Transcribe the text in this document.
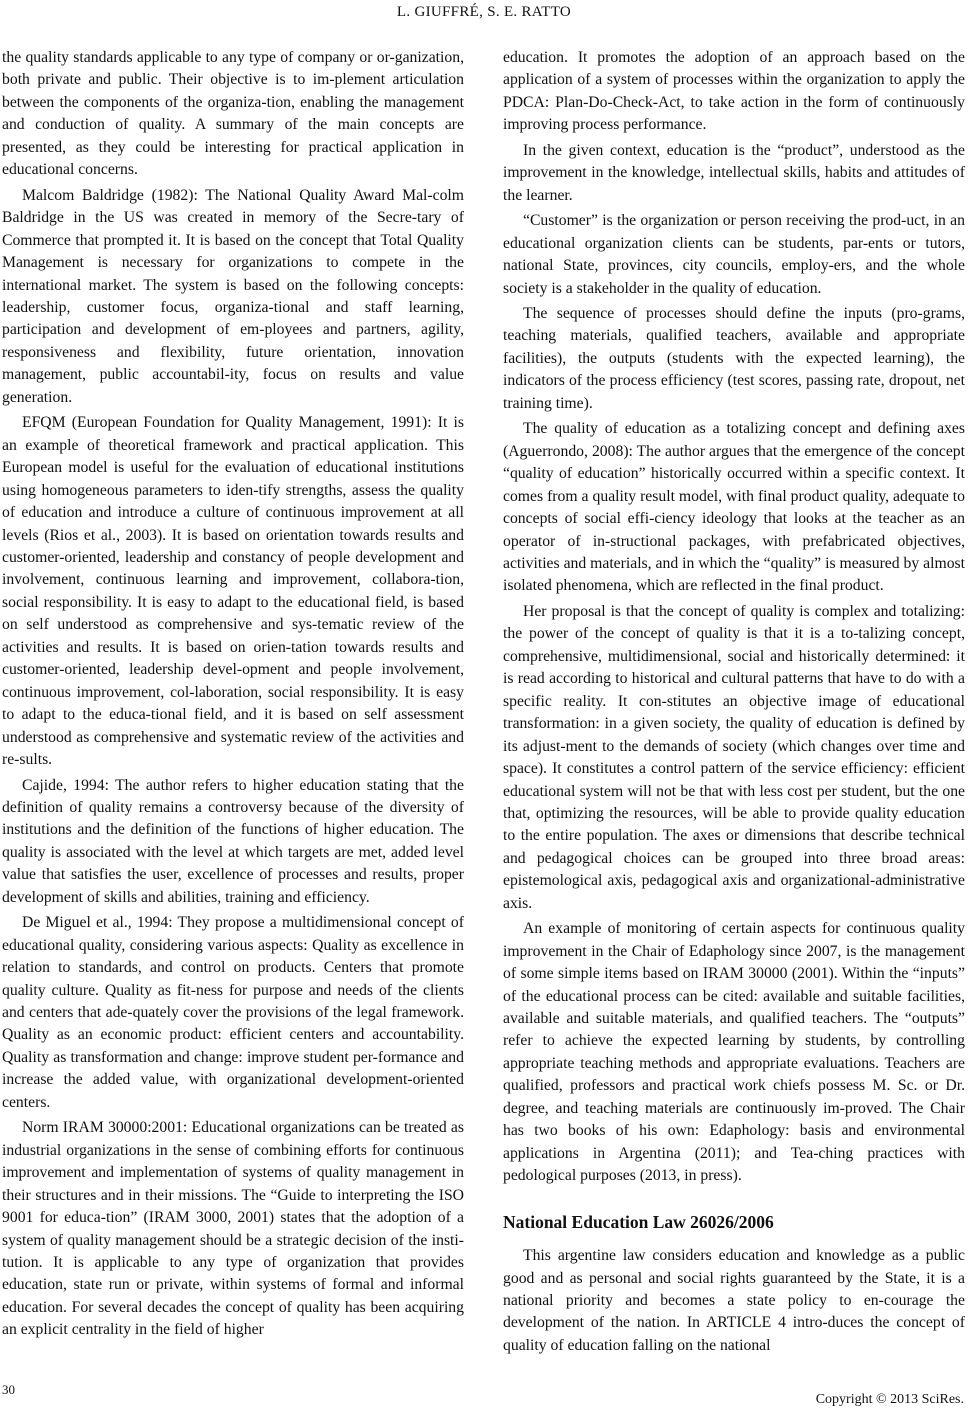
L. GIUFFRÉ, S. E. RATTO

the quality standards applicable to any type of company or or-ganization, both private and public. Their objective is to im-plement articulation between the components of the organiza-tion, enabling the management and conduction of quality. A summary of the main concepts are presented, as they could be interesting for practical application in educational concerns.

Malcom Baldridge (1982): The National Quality Award Mal-colm Baldridge in the US was created in memory of the Secre-tary of Commerce that prompted it. It is based on the concept that Total Quality Management is necessary for organizations to compete in the international market. The system is based on the following concepts: leadership, customer focus, organiza-tional and staff learning, participation and development of em-ployees and partners, agility, responsiveness and flexibility, future orientation, innovation management, public accountabil-ity, focus on results and value generation.

EFQM (European Foundation for Quality Management, 1991): It is an example of theoretical framework and practical application. This European model is useful for the evaluation of educational institutions using homogeneous parameters to iden-tify strengths, assess the quality of education and introduce a culture of continuous improvement at all levels (Rios et al., 2003). It is based on orientation towards results and customer-oriented, leadership and constancy of people development and involvement, continuous learning and improvement, collabora-tion, social responsibility. It is easy to adapt to the educational field, is based on self understood as comprehensive and sys-tematic review of the activities and results. It is based on orien-tation towards results and customer-oriented, leadership devel-opment and people involvement, continuous improvement, col-laboration, social responsibility. It is easy to adapt to the educa-tional field, and it is based on self assessment understood as comprehensive and systematic review of the activities and re-sults.

Cajide, 1994: The author refers to higher education stating that the definition of quality remains a controversy because of the diversity of institutions and the definition of the functions of higher education. The quality is associated with the level at which targets are met, added level value that satisfies the user, excellence of processes and results, proper development of skills and abilities, training and efficiency.

De Miguel et al., 1994: They propose a multidimensional concept of educational quality, considering various aspects: Quality as excellence in relation to standards, and control on products. Centers that promote quality culture. Quality as fit-ness for purpose and needs of the clients and centers that ade-quately cover the provisions of the legal framework. Quality as an economic product: efficient centers and accountability. Quality as transformation and change: improve student per-formance and increase the added value, with organizational development-oriented centers.

Norm IRAM 30000:2001: Educational organizations can be treated as industrial organizations in the sense of combining efforts for continuous improvement and implementation of systems of quality management in their structures and in their missions. The “Guide to interpreting the ISO 9001 for educa-tion” (IRAM 3000, 2001) states that the adoption of a system of quality management should be a strategic decision of the insti-tution. It is applicable to any type of organization that provides education, state run or private, within systems of formal and informal education. For several decades the concept of quality has been acquiring an explicit centrality in the field of higher

education. It promotes the adoption of an approach based on the application of a system of processes within the organization to apply the PDCA: Plan-Do-Check-Act, to take action in the form of continuously improving process performance.

In the given context, education is the “product”, understood as the improvement in the knowledge, intellectual skills, habits and attitudes of the learner.

“Customer” is the organization or person receiving the prod-uct, in an educational organization clients can be students, par-ents or tutors, national State, provinces, city councils, employ-ers, and the whole society is a stakeholder in the quality of education.

The sequence of processes should define the inputs (pro-grams, teaching materials, qualified teachers, available and appropriate facilities), the outputs (students with the expected learning), the indicators of the process efficiency (test scores, passing rate, dropout, net training time).

The quality of education as a totalizing concept and defining axes (Aguerrondo, 2008): The author argues that the emergence of the concept “quality of education” historically occurred within a specific context. It comes from a quality result model, with final product quality, adequate to concepts of social effi-ciency ideology that looks at the teacher as an operator of in-structional packages, with prefabricated objectives, activities and materials, and in which the “quality” is measured by almost isolated phenomena, which are reflected in the final product.

Her proposal is that the concept of quality is complex and totalizing: the power of the concept of quality is that it is a to-talizing concept, comprehensive, multidimensional, social and historically determined: it is read according to historical and cultural patterns that have to do with a specific reality. It con-stitutes an objective image of educational transformation: in a given society, the quality of education is defined by its adjust-ment to the demands of society (which changes over time and space). It constitutes a control pattern of the service efficiency: efficient educational system will not be that with less cost per student, but the one that, optimizing the resources, will be able to provide quality education to the entire population. The axes or dimensions that describe technical and pedagogical choices can be grouped into three broad areas: epistemological axis, pedagogical axis and organizational-administrative axis.

An example of monitoring of certain aspects for continuous quality improvement in the Chair of Edaphology since 2007, is the management of some simple items based on IRAM 30000 (2001). Within the “inputs” of the educational process can be cited: available and suitable facilities, available and suitable materials, and qualified teachers. The “outputs” refer to achieve the expected learning by students, by controlling appropriate teaching methods and appropriate evaluations. Teachers are qualified, professors and practical work chiefs possess M. Sc. or Dr. degree, and teaching materials are continuously im-proved. The Chair has two books of his own: Edaphology: basis and environmental applications in Argentina (2011); and Tea-ching practices with pedological purposes (2013, in press).

National Education Law 26026/2006

This argentine law considers education and knowledge as a public good and as personal and social rights guaranteed by the State, it is a national priority and becomes a state policy to en-courage the development of the nation. In ARTICLE 4 intro-duces the concept of quality of education falling on the national

30
Copyright © 2013 SciRes.
